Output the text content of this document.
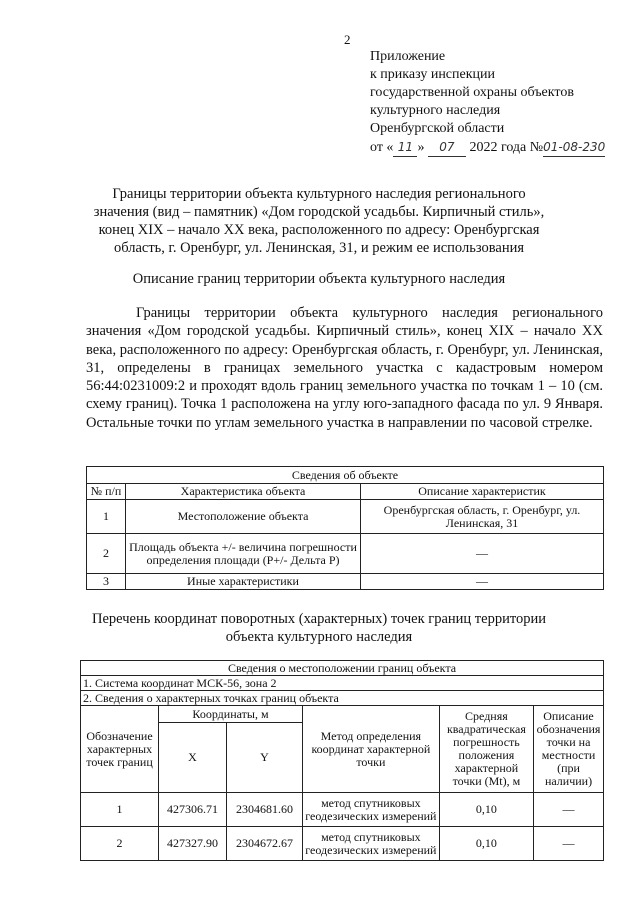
2
Приложение
к приказу инспекции
государственной охраны объектов
культурного наследия
Оренбургской области
от « 11 » 07 2022 года №01-08-230
Границы территории объекта культурного наследия регионального значения (вид – памятник) «Дом городской усадьбы. Кирпичный стиль», конец XIX – начало XX века, расположенного по адресу: Оренбургская область, г. Оренбург, ул. Ленинская, 31, и режим ее использования
Описание границ территории объекта культурного наследия
Границы территории объекта культурного наследия регионального значения «Дом городской усадьбы. Кирпичный стиль», конец XIX – начало XX века, расположенного по адресу: Оренбургская область, г. Оренбург, ул. Ленинская, 31, определены в границах земельного участка с кадастровым номером 56:44:0231009:2 и проходят вдоль границ земельного участка по точкам 1 – 10 (см. схему границ). Точка 1 расположена на углу юго-западного фасада по ул. 9 Января. Остальные точки по углам земельного участка в направлении по часовой стрелке.
Сведения об объекте		
№ п/п	Характеристика объекта	Описание характеристик
1	Местоположение объекта	Оренбургская область, г. Оренбург, ул. Ленинская, 31
2	Площадь объекта +/- величина погрешности определения площади (Р+/- Дельта Р)	—
3	Иные характеристики	—
Перечень координат поворотных (характерных) точек границ территории объекта культурного наследия
Сведения о местоположении границ объекта					
1. Система координат МСК-56, зона 2					
2. Сведения о характерных точках границ объекта					
Обозначение характерных точек границ	Координаты, м		Метод определения координат характерной точки	Средняя квадратическая погрешность положения характерной точки (Mt), м	Описание обозначения точки на местности (при наличии)
	X	Y			
1	427306.71	2304681.60	метод спутниковых геодезических измерений	0,10	—
2	427327.90	2304672.67	метод спутниковых геодезических измерений	0,10	—
